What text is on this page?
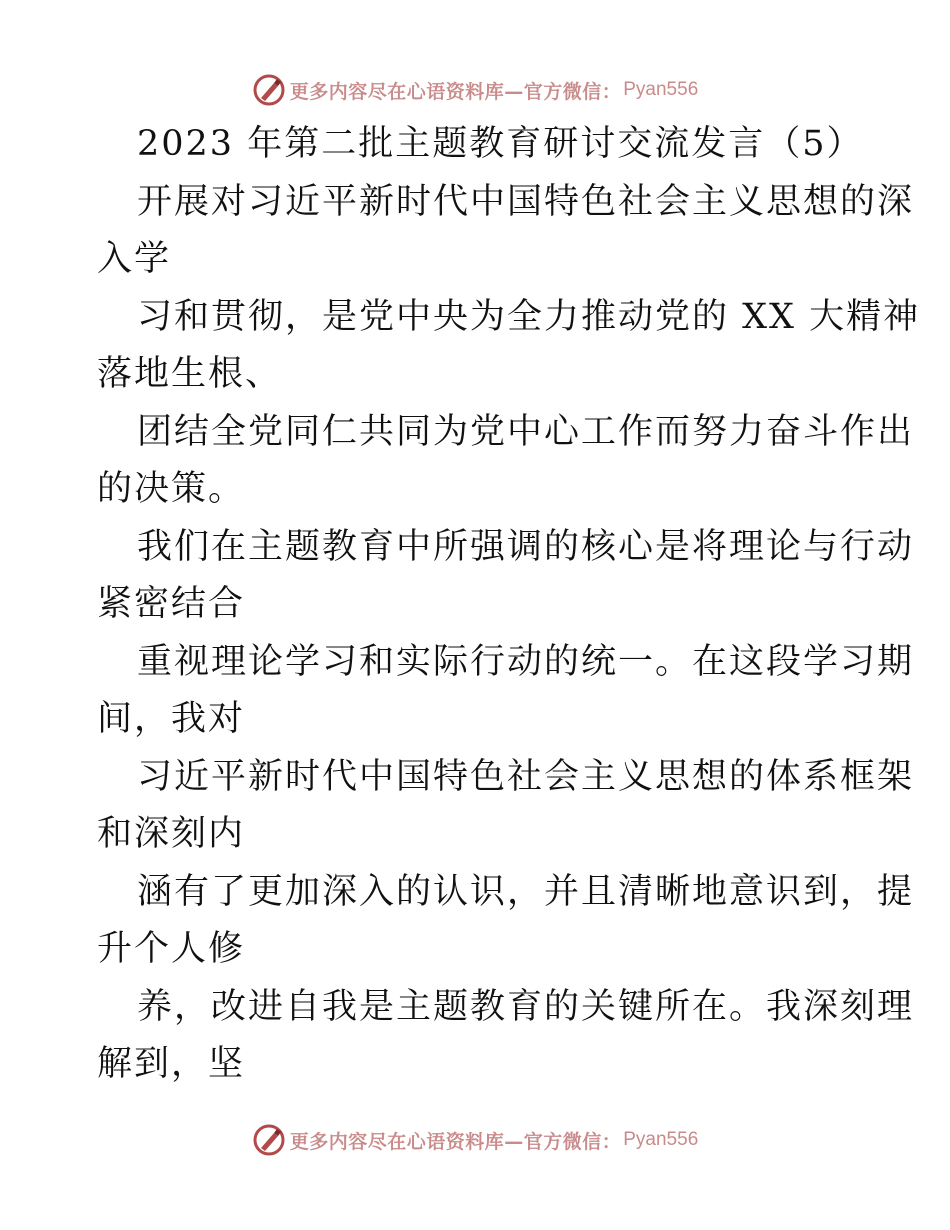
更多内容尽在心语资料库—官方微信： Pyan556
2023 年第二批主题教育研讨交流发言（5）
开展对习近平新时代中国特色社会主义思想的深
入学
习和贯彻，是党中央为全力推动党的 XX 大精神
落地生根、
团结全党同仁共同为党中心工作而努力奋斗作出
的决策。
我们在主题教育中所强调的核心是将理论与行动
紧密结合
重视理论学习和实际行动的统一。在这段学习期
间，我对
习近平新时代中国特色社会主义思想的体系框架
和深刻内
涵有了更加深入的认识，并且清晰地意识到，提
升个人修
养，改进自我是主题教育的关键所在。我深刻理
解到，坚
更多内容尽在心语资料库—官方微信： Pyan556
